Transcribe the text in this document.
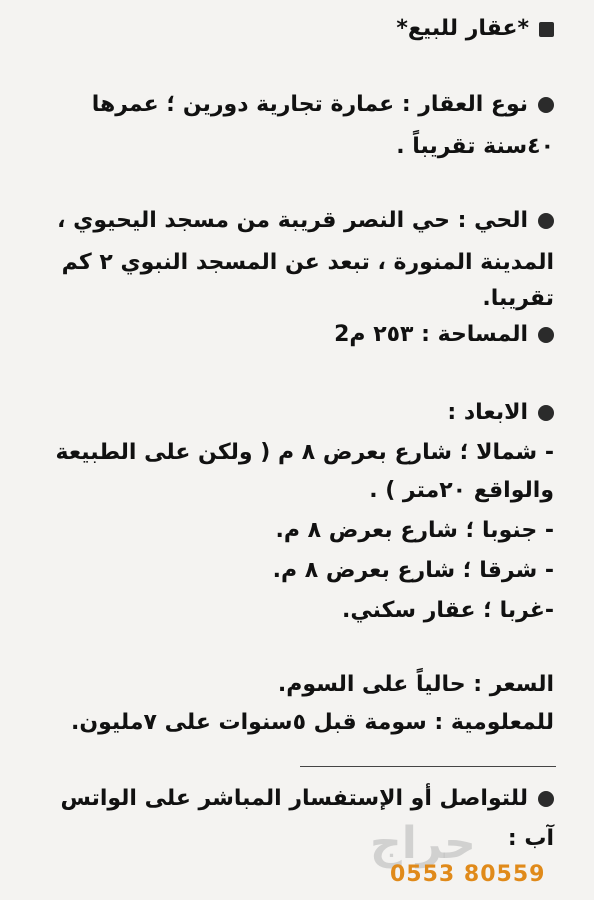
*عقار للبيع*
نوع العقار : عمارة تجارية دورين ؛ عمرها
٤٠سنة تقريباً .
الحي : حي النصر قريبة من مسجد اليحيوي ،
المدينة المنورة ، تبعد عن المسجد النبوي ٢ كم
تقريبا.
المساحة : ٢٥٣ م2
الابعاد :
- شمالا ؛ شارع بعرض ٨ م ( ولكن على الطبيعة
والواقع ٢٠متر ) .
- جنوبا ؛ شارع بعرض ٨ م.
- شرقا ؛ شارع بعرض ٨ م.
-غربا ؛ عقار سكني.
السعر : حالياً على السوم.
للمعلومية : سومة قبل ٥سنوات على ٧مليون.
للتواصل أو الإستفسار المباشر على الواتس
آب :
حراج
0553 80559
